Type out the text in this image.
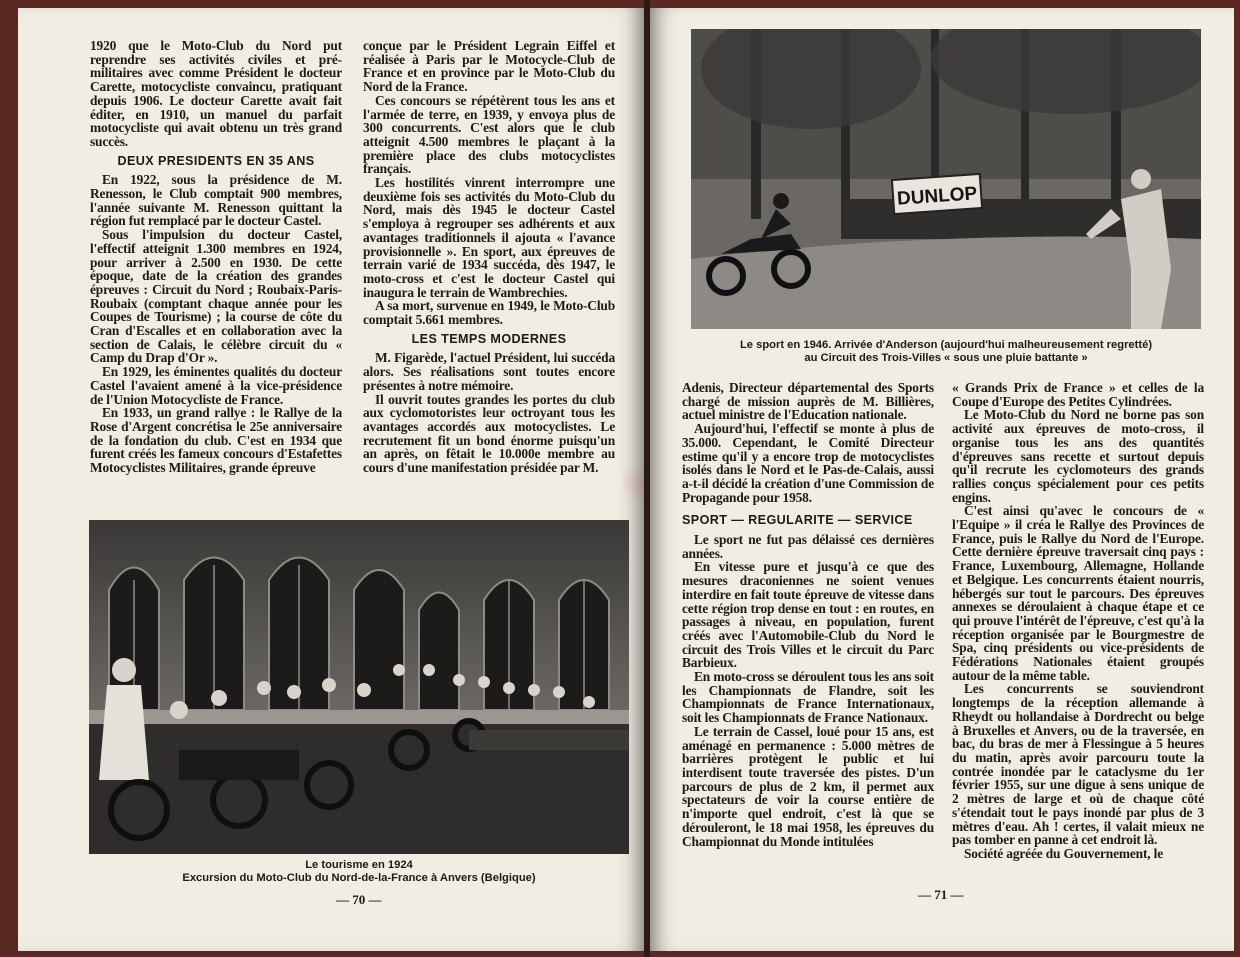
1920 que le Moto-Club du Nord put reprendre ses activités civiles et pré-militaires avec comme Président le docteur Carette, motocycliste convaincu, pratiquant depuis 1906. Le docteur Carette avait fait éditer, en 1910, un manuel du parfait motocycliste qui avait obtenu un très grand succès.

DEUX PRESIDENTS EN 35 ANS

En 1922, sous la présidence de M. Renesson, le Club comptait 900 membres, l'année suivante M. Renesson quittant la région fut remplacé par le docteur Castel.

Sous l'impulsion du docteur Castel, l'effectif atteignit 1.300 membres en 1924, pour arriver à 2.500 en 1930. De cette époque, date de la création des grandes épreuves : Circuit du Nord ; Roubaix-Paris-Roubaix (comptant chaque année pour les Coupes de Tourisme) ; la course de côte du Cran d'Escalles et en collaboration avec la section de Calais, le célèbre circuit du « Camp du Drap d'Or ».

En 1929, les éminentes qualités du docteur Castel l'avaient amené à la vice-présidence de l'Union Motocycliste de France.

En 1933, un grand rallye : le Rallye de la Rose d'Argent concrétisa le 25e anniversaire de la fondation du club. C'est en 1934 que furent créés les fameux concours d'Estafettes Motocyclistes Militaires, grande épreuve

conçue par le Président Legrain Eiffel et réalisée à Paris par le Motocycle-Club de France et en province par le Moto-Club du Nord de la France.

Ces concours se répétèrent tous les ans et l'armée de terre, en 1939, y envoya plus de 300 concurrents. C'est alors que le club atteignit 4.500 membres le plaçant à la première place des clubs motocyclistes français.

Les hostilités vinrent interrompre une deuxième fois ses activités du Moto-Club du Nord, mais dès 1945 le docteur Castel s'employa à regrouper ses adhérents et aux avantages traditionnels il ajouta « l'avance provisionnelle ». En sport, aux épreuves de terrain varié de 1934 succéda, dès 1947, le moto-cross et c'est le docteur Castel qui inaugura le terrain de Wambrechies.

A sa mort, survenue en 1949, le Moto-Club comptait 5.661 membres.

LES TEMPS MODERNES

M. Figarède, l'actuel Président, lui succéda alors. Ses réalisations sont toutes encore présentes à notre mémoire.

Il ouvrit toutes grandes les portes du club aux cyclomotoristes leur octroyant tous les avantages accordés aux motocyclistes. Le recrutement fit un bond énorme puisqu'un an après, on fêtait le 10.000e membre au cours d'une manifestation présidée par M.

Le tourisme en 1924
Excursion du Moto-Club du Nord-de-la-France à Anvers (Belgique)
— 70 —
DUNLOP
Le sport en 1946. Arrivée d'Anderson (aujourd'hui malheureusement regretté)
au Circuit des Trois-Villes « sous une pluie battante »

Adenis, Directeur départemental des Sports chargé de mission auprès de M. Billières, actuel ministre de l'Education nationale.

Aujourd'hui, l'effectif se monte à plus de 35.000. Cependant, le Comité Directeur estime qu'il y a encore trop de motocyclistes isolés dans le Nord et le Pas-de-Calais, aussi a-t-il décidé la création d'une Commission de Propagande pour 1958.

SPORT — REGULARITE — SERVICE

Le sport ne fut pas délaissé ces dernières années.

En vitesse pure et jusqu'à ce que des mesures draconiennes ne soient venues interdire en fait toute épreuve de vitesse dans cette région trop dense en tout : en routes, en passages à niveau, en population, furent créés avec l'Automobile-Club du Nord le circuit des Trois Villes et le circuit du Parc Barbieux.

En moto-cross se déroulent tous les ans soit les Championnats de Flandre, soit les Championnats de France Internationaux, soit les Championnats de France Nationaux.

Le terrain de Cassel, loué pour 15 ans, est aménagé en permanence : 5.000 mètres de barrières protègent le public et lui interdisent toute traversée des pistes. D'un parcours de plus de 2 km, il permet aux spectateurs de voir la course entière de n'importe quel endroit, c'est là que se dérouleront, le 18 mai 1958, les épreuves du Championnat du Monde intitulées

« Grands Prix de France » et celles de la Coupe d'Europe des Petites Cylindrées.

Le Moto-Club du Nord ne borne pas son activité aux épreuves de moto-cross, il organise tous les ans des quantités d'épreuves sans recette et surtout depuis qu'il recrute les cyclomoteurs des grands rallies conçus spécialement pour ces petits engins.

C'est ainsi qu'avec le concours de « l'Equipe » il créa le Rallye des Provinces de France, puis le Rallye du Nord de l'Europe. Cette dernière épreuve traversait cinq pays : France, Luxembourg, Allemagne, Hollande et Belgique. Les concurrents étaient nourris, hébergés sur tout le parcours. Des épreuves annexes se déroulaient à chaque étape et ce qui prouve l'intérêt de l'épreuve, c'est qu'à la réception organisée par le Bourgmestre de Spa, cinq présidents ou vice-présidents de Fédérations Nationales étaient groupés autour de la même table.

Les concurrents se souviendront longtemps de la réception allemande à Rheydt ou hollandaise à Dordrecht ou belge à Bruxelles et Anvers, ou de la traversée, en bac, du bras de mer à Flessingue à 5 heures du matin, après avoir parcouru toute la contrée inondée par le cataclysme du 1er février 1955, sur une digue à sens unique de 2 mètres de large et où de chaque côté s'étendait tout le pays inondé par plus de 3 mètres d'eau. Ah ! certes, il valait mieux ne pas tomber en panne à cet endroit là.

Société agréée du Gouvernement, le

— 71 —
